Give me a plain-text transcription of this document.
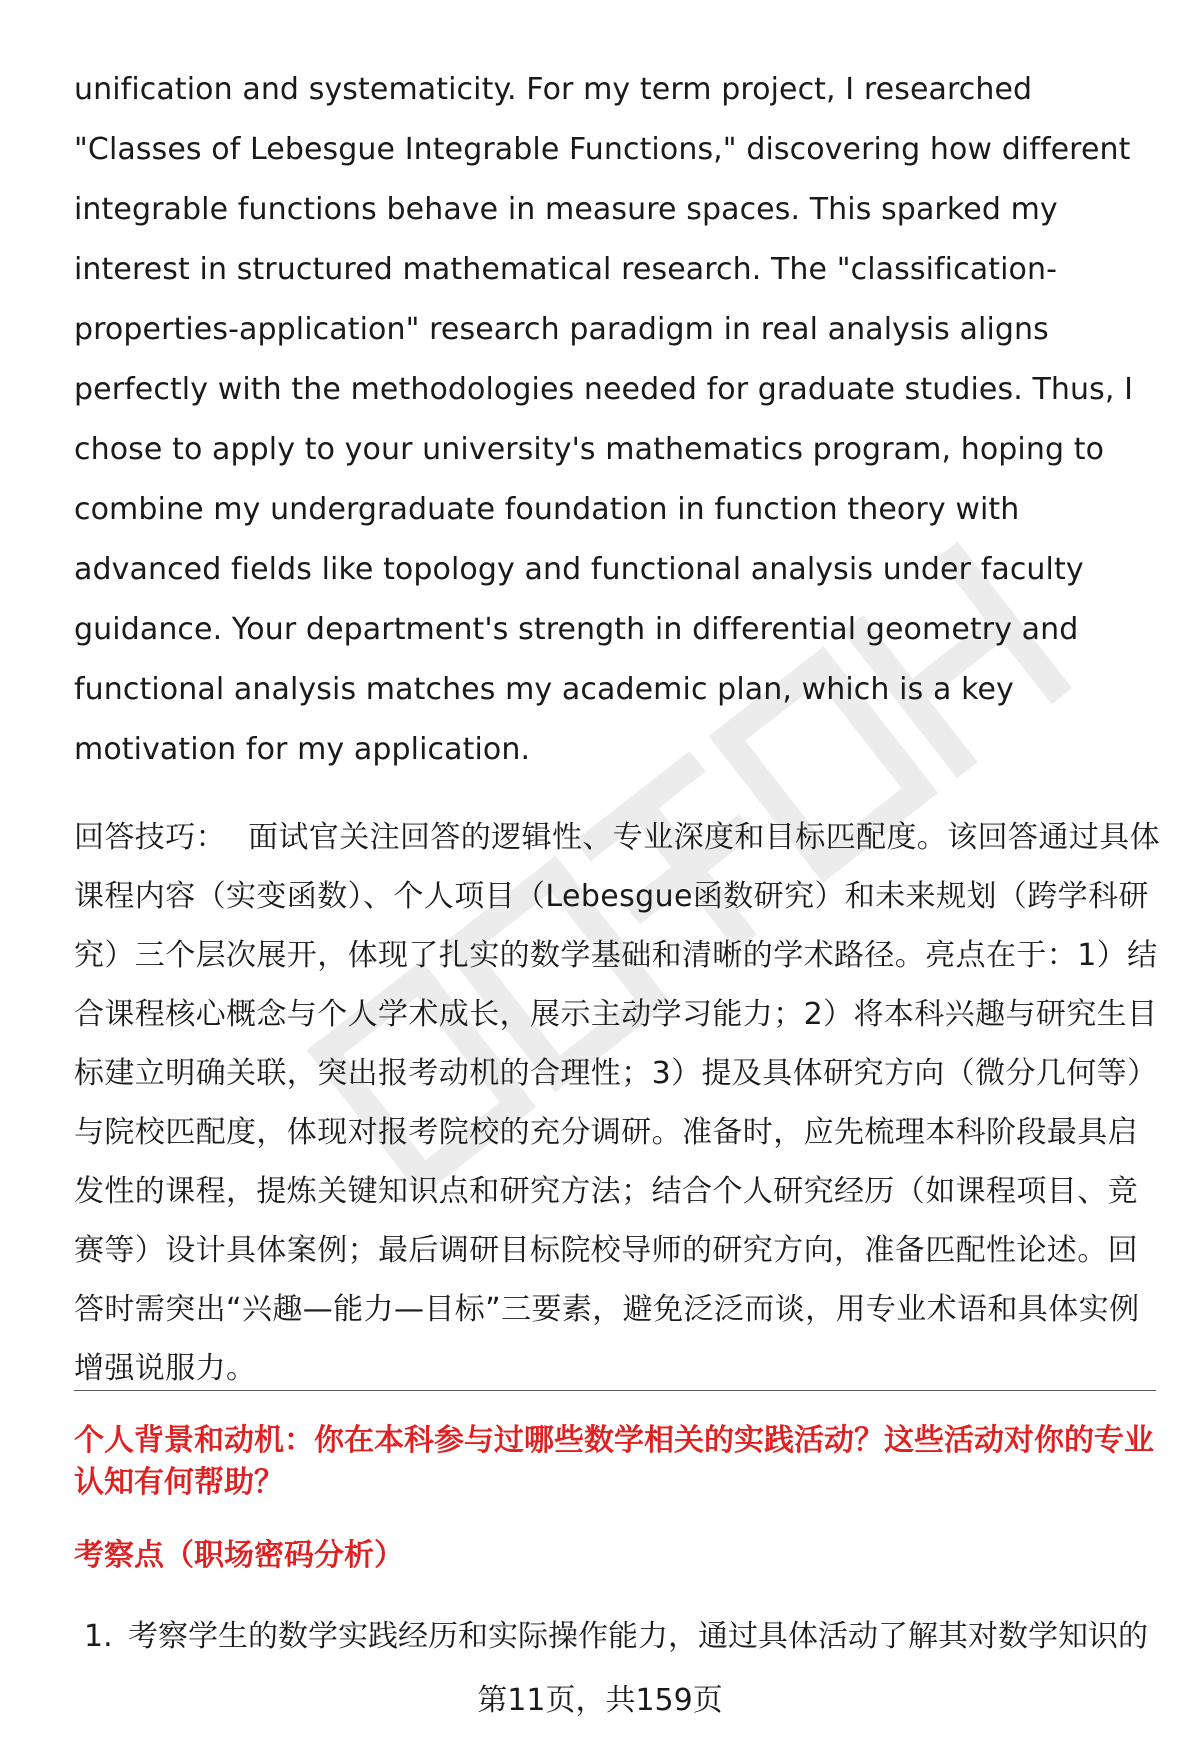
unification and systematicity. For my term project, I researched "Classes of Lebesgue Integrable Functions," discovering how different integrable functions behave in measure spaces. This sparked my interest in structured mathematical research. The "classification-properties-application" research paradigm in real analysis aligns perfectly with the methodologies needed for graduate studies. Thus, I chose to apply to your university's mathematics program, hoping to combine my undergraduate foundation in function theory with advanced fields like topology and functional analysis under faculty guidance. Your department's strength in differential geometry and functional analysis matches my academic plan, which is a key motivation for my application.

回答技巧： 面试官关注回答的逻辑性、专业深度和目标匹配度。该回答通过具体课程内容（实变函数）、个人项目（Lebesgue函数研究）和未来规划（跨学科研究）三个层次展开，体现了扎实的数学基础和清晰的学术路径。亮点在于：1）结合课程核心概念与个人学术成长，展示主动学习能力；2）将本科兴趣与研究生目标建立明确关联，突出报考动机的合理性；3）提及具体研究方向（微分几何等）与院校匹配度，体现对报考院校的充分调研。准备时，应先梳理本科阶段最具启发性的课程，提炼关键知识点和研究方法；结合个人研究经历（如课程项目、竞赛等）设计具体案例；最后调研目标院校导师的研究方向，准备匹配性论述。回答时需突出“兴趣—能力—目标”三要素，避免泛泛而谈，用专业术语和具体实例增强说服力。

个人背景和动机：你在本科参与过哪些数学相关的实践活动？这些活动对你的专业认知有何帮助？
考察点（职场密码分析）
1. 考察学生的数学实践经历和实际操作能力，通过具体活动了解其对数学知识的
第11页，共159页
